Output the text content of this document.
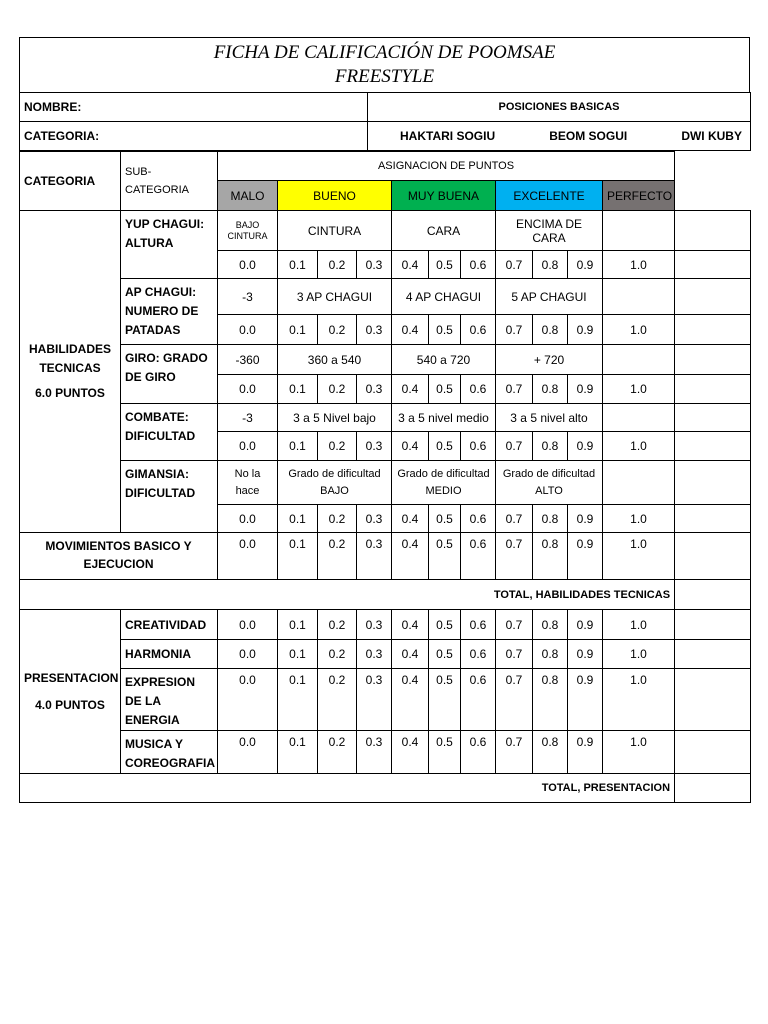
FICHA DE CALIFICACIÓN DE POOMSAE
FREESTYLE
NOMBRE:	POSICIONES BASICAS
CATEGORIA:	HAKTARI SOGIU BEOM SOGUI DWI KUBY
CATEGORIA	SUB-CATEGORIA	ASIGNACION DE PUNTOS											
		MALO	BUENO			MUY BUENA			EXCELENTE			PERFECTO	

HABILIDADES TECNICAS
6.0 PUNTOS	YUP CHAGUI: ALTURA	BAJO CINTURA	CINTURA			CARA			ENCIMA DE CARA				
		0.0	0.1	0.2	0.3	0.4	0.5	0.6	0.7	0.8	0.9	1.0	
	AP CHAGUI: NUMERO DE PATADAS	-3	3 AP CHAGUI			4 AP CHAGUI			5 AP CHAGUI				
		0.0	0.1	0.2	0.3	0.4	0.5	0.6	0.7	0.8	0.9	1.0	
	GIRO: GRADO DE GIRO	-360	360 a 540			540 a 720			+ 720				
		0.0	0.1	0.2	0.3	0.4	0.5	0.6	0.7	0.8	0.9	1.0	
	COMBATE: DIFICULTAD	-3	3 a 5 Nivel bajo			3 a 5 nivel medio			3 a 5 nivel alto				
		0.0	0.1	0.2	0.3	0.4	0.5	0.6	0.7	0.8	0.9	1.0	
	GIMANSIA: DIFICULTAD	No la hace	Grado de dificultad BAJO			Grado de dificultad MEDIO			Grado de dificultad ALTO				
		0.0	0.1	0.2	0.3	0.4	0.5	0.6	0.7	0.8	0.9	1.0	
MOVIMIENTOS BASICO Y EJECUCION		0.0	0.1	0.2	0.3	0.4	0.5	0.6	0.7	0.8	0.9	1.0	
TOTAL, HABILIDADES TECNICAS													

PRESENTACION
4.0 PUNTOS	CREATIVIDAD	0.0	0.1	0.2	0.3	0.4	0.5	0.6	0.7	0.8	0.9	1.0	
	HARMONIA	0.0	0.1	0.2	0.3	0.4	0.5	0.6	0.7	0.8	0.9	1.0	
	EXPRESION DE LA ENERGIA	0.0	0.1	0.2	0.3	0.4	0.5	0.6	0.7	0.8	0.9	1.0	
	MUSICA Y COREOGRAFIA	0.0	0.1	0.2	0.3	0.4	0.5	0.6	0.7	0.8	0.9	1.0	
TOTAL, PRESENTACION													
